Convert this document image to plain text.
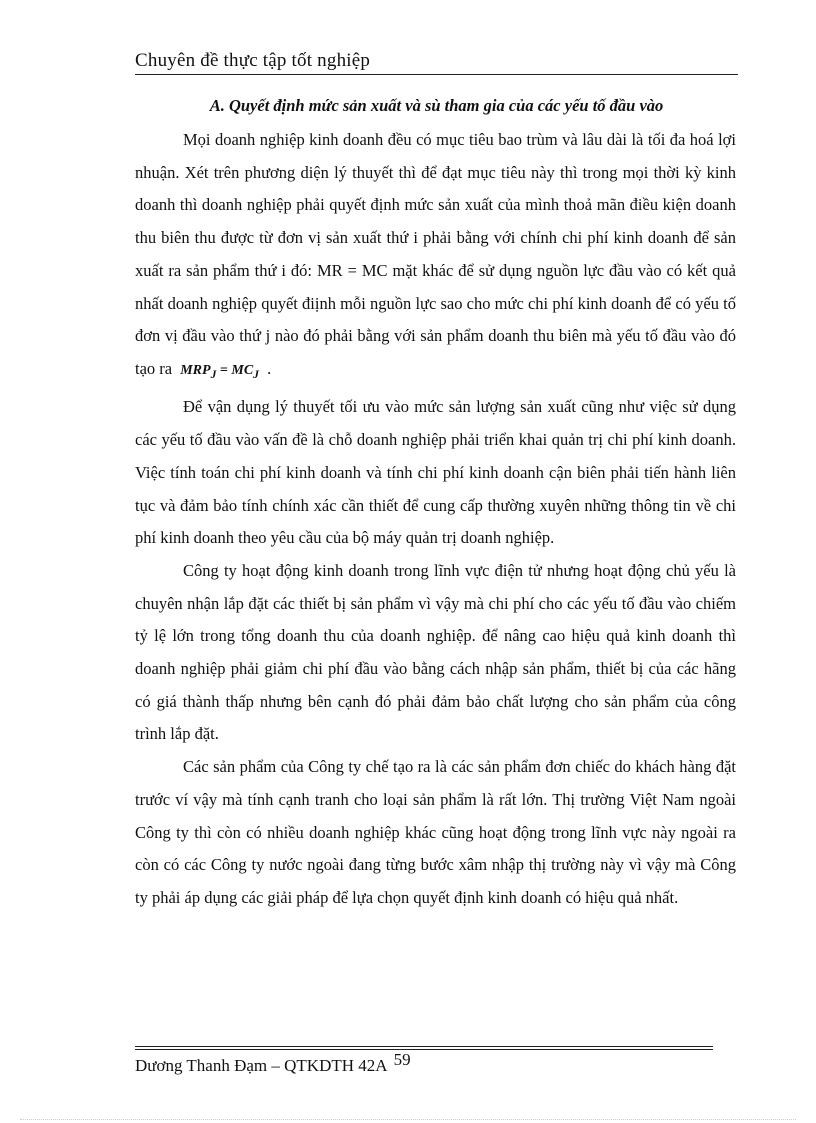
Chuyên đề thực tập tốt nghiệp
A. Quyết định mức sản xuất và sù tham gia của các yếu tố đầu vào

Mọi doanh nghiệp kinh doanh đều có mục tiêu bao trùm và lâu dài là tối đa hoá lợi nhuận. Xét trên phương diện lý thuyết thì để đạt mục tiêu này thì trong mọi thời kỳ kinh doanh thì doanh nghiệp phải quyết định mức sản xuất của mình thoả mãn điều kiện doanh thu biên thu được từ đơn vị sản xuất thứ i phải bằng với chính chi phí kinh doanh để sản xuất ra sản phẩm thứ i đó: MR = MC mặt khác để sử dụng nguồn lực đầu vào có kết quả nhất doanh nghiệp quyết điịnh mỗi nguồn lực sao cho mức chi phí kinh doanh để có yếu tố đơn vị đầu vào thứ j nào đó phải bằng với sản phẩm doanh thu biên mà yếu tố đầu vào đó tạo ra $MRP_J = MC_J$ .

Để vận dụng lý thuyết tối ưu vào mức sản lượng sản xuất cũng như việc sử dụng các yếu tố đầu vào vấn đề là chỗ doanh nghiệp phải triển khai quản trị chi phí kinh doanh. Việc tính toán chi phí kinh doanh và tính chi phí kinh doanh cận biên phải tiến hành liên tục và đảm bảo tính chính xác cần thiết để cung cấp thường xuyên những thông tin về chi phí kinh doanh theo yêu cầu của bộ máy quản trị doanh nghiệp.

Công ty hoạt động kinh doanh trong lĩnh vực điện tử nhưng hoạt động chủ yếu là chuyên nhận lắp đặt các thiết bị sản phẩm vì vậy mà chi phí cho các yếu tố đầu vào chiếm tỷ lệ lớn trong tổng doanh thu của doanh nghiệp. để nâng cao hiệu quả kinh doanh thì doanh nghiệp phải giảm chi phí đầu vào bằng cách nhập sản phẩm, thiết bị của các hãng có giá thành thấp nhưng bên cạnh đó phải đảm bảo chất lượng cho sản phẩm của công trình lắp đặt.

Các sản phẩm của Công ty chế tạo ra là các sản phẩm đơn chiếc do khách hàng đặt trước ví vậy mà tính cạnh tranh cho loại sản phẩm là rất lớn. Thị trường Việt Nam ngoài Công ty thì còn có nhiều doanh nghiệp khác cũng hoạt động trong lĩnh vực này ngoài ra còn có các Công ty nước ngoài đang từng bước xâm nhập thị trường này vì vậy mà Công ty phải áp dụng các giải pháp để lựa chọn quyết định kinh doanh có hiệu quả nhất.

Dương Thanh Đạm – QTKDTH 42A 59
